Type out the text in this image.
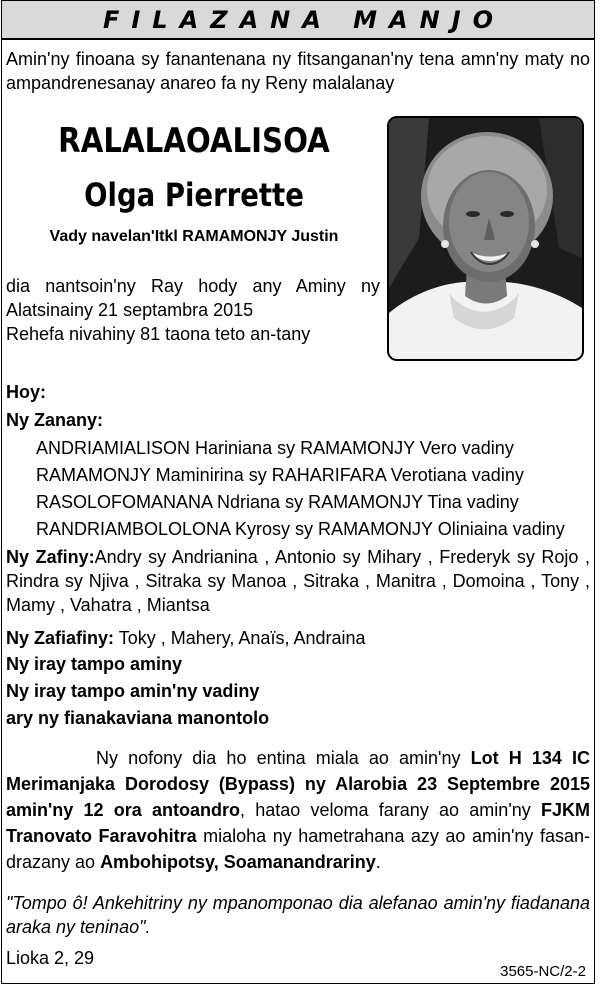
FILAZANA MANJO
Amin'ny finoana sy fanantenana ny fitsanganan'ny tena amn'ny maty no ampandrenesanay anareo fa ny Reny malalanay
RALALAOALISOA
Olga Pierrette
Vady navelan'Itkl RAMAMONJY Justin
dia nantsoin'ny Ray hody any Aminy ny Alatsinainy 21 septambra 2015
Rehefa nivahiny 81 taona teto an-tany
Hoy:
Ny Zanany:
ANDRIAMIALISON Hariniana sy RAMAMONJY Vero vadiny
RAMAMONJY Maminirina sy RAHARIFARA Verotiana vadiny
RASOLOFOMANANA Ndriana sy RAMAMONJY Tina vadiny
RANDRIAMBOLOLONA Kyrosy sy RAMAMONJY Oliniaina vadiny
Ny Zafiny:Andry sy Andrianina , Antonio sy Mihary , Frederyk sy Rojo , Rindra sy Njiva , Sitraka sy Manoa , Sitraka , Manitra , Domoina , Tony , Mamy , Vahatra , Miantsa
Ny Zafiafiny: Toky , Mahery, Anaïs, Andraina
Ny iray tampo aminy
Ny iray tampo amin'ny vadiny
ary ny fianakaviana manontolo
Ny nofony dia ho entina miala ao amin'ny Lot H 134 IC Merimanjaka Dorodosy (Bypass) ny Alarobia 23 Septembre 2015 amin'ny 12 ora antoandro, hatao veloma farany ao amin'ny FJKM Tranovato Faravohitra mialoha ny hametrahana azy ao amin'ny fasan-drazany ao Ambohipotsy, Soamanandrariny.
"Tompo ô! Ankehitriny ny mpanomponao dia alefanao amin'ny fiadanana araka ny teninao".
Lioka 2, 29
3565-NC/2-2
